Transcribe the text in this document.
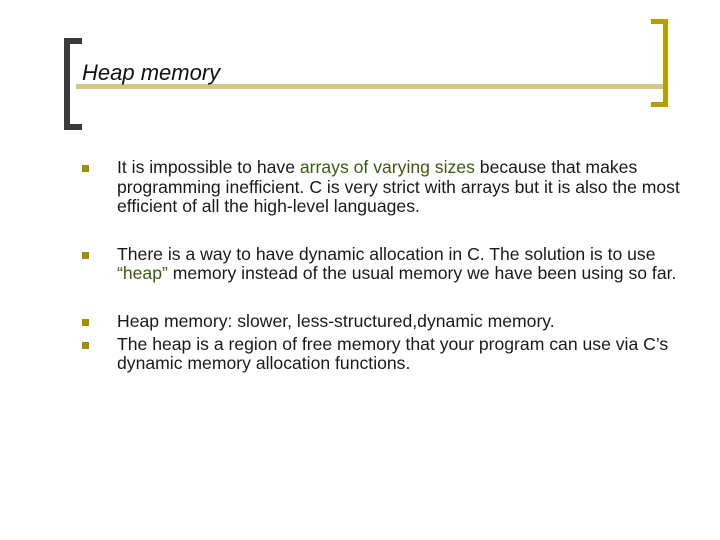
Heap memory
It is impossible to have arrays of varying sizes because that makes programming inefficient. C is very strict with arrays but it is also the most efficient of all the high-level languages.
There is a way to have dynamic allocation in C. The solution is to use “heap” memory instead of the usual memory we have been using so far.
Heap memory: slower, less-structured,dynamic memory.
The heap is a region of free memory that your program can use via C’s dynamic memory allocation functions.
